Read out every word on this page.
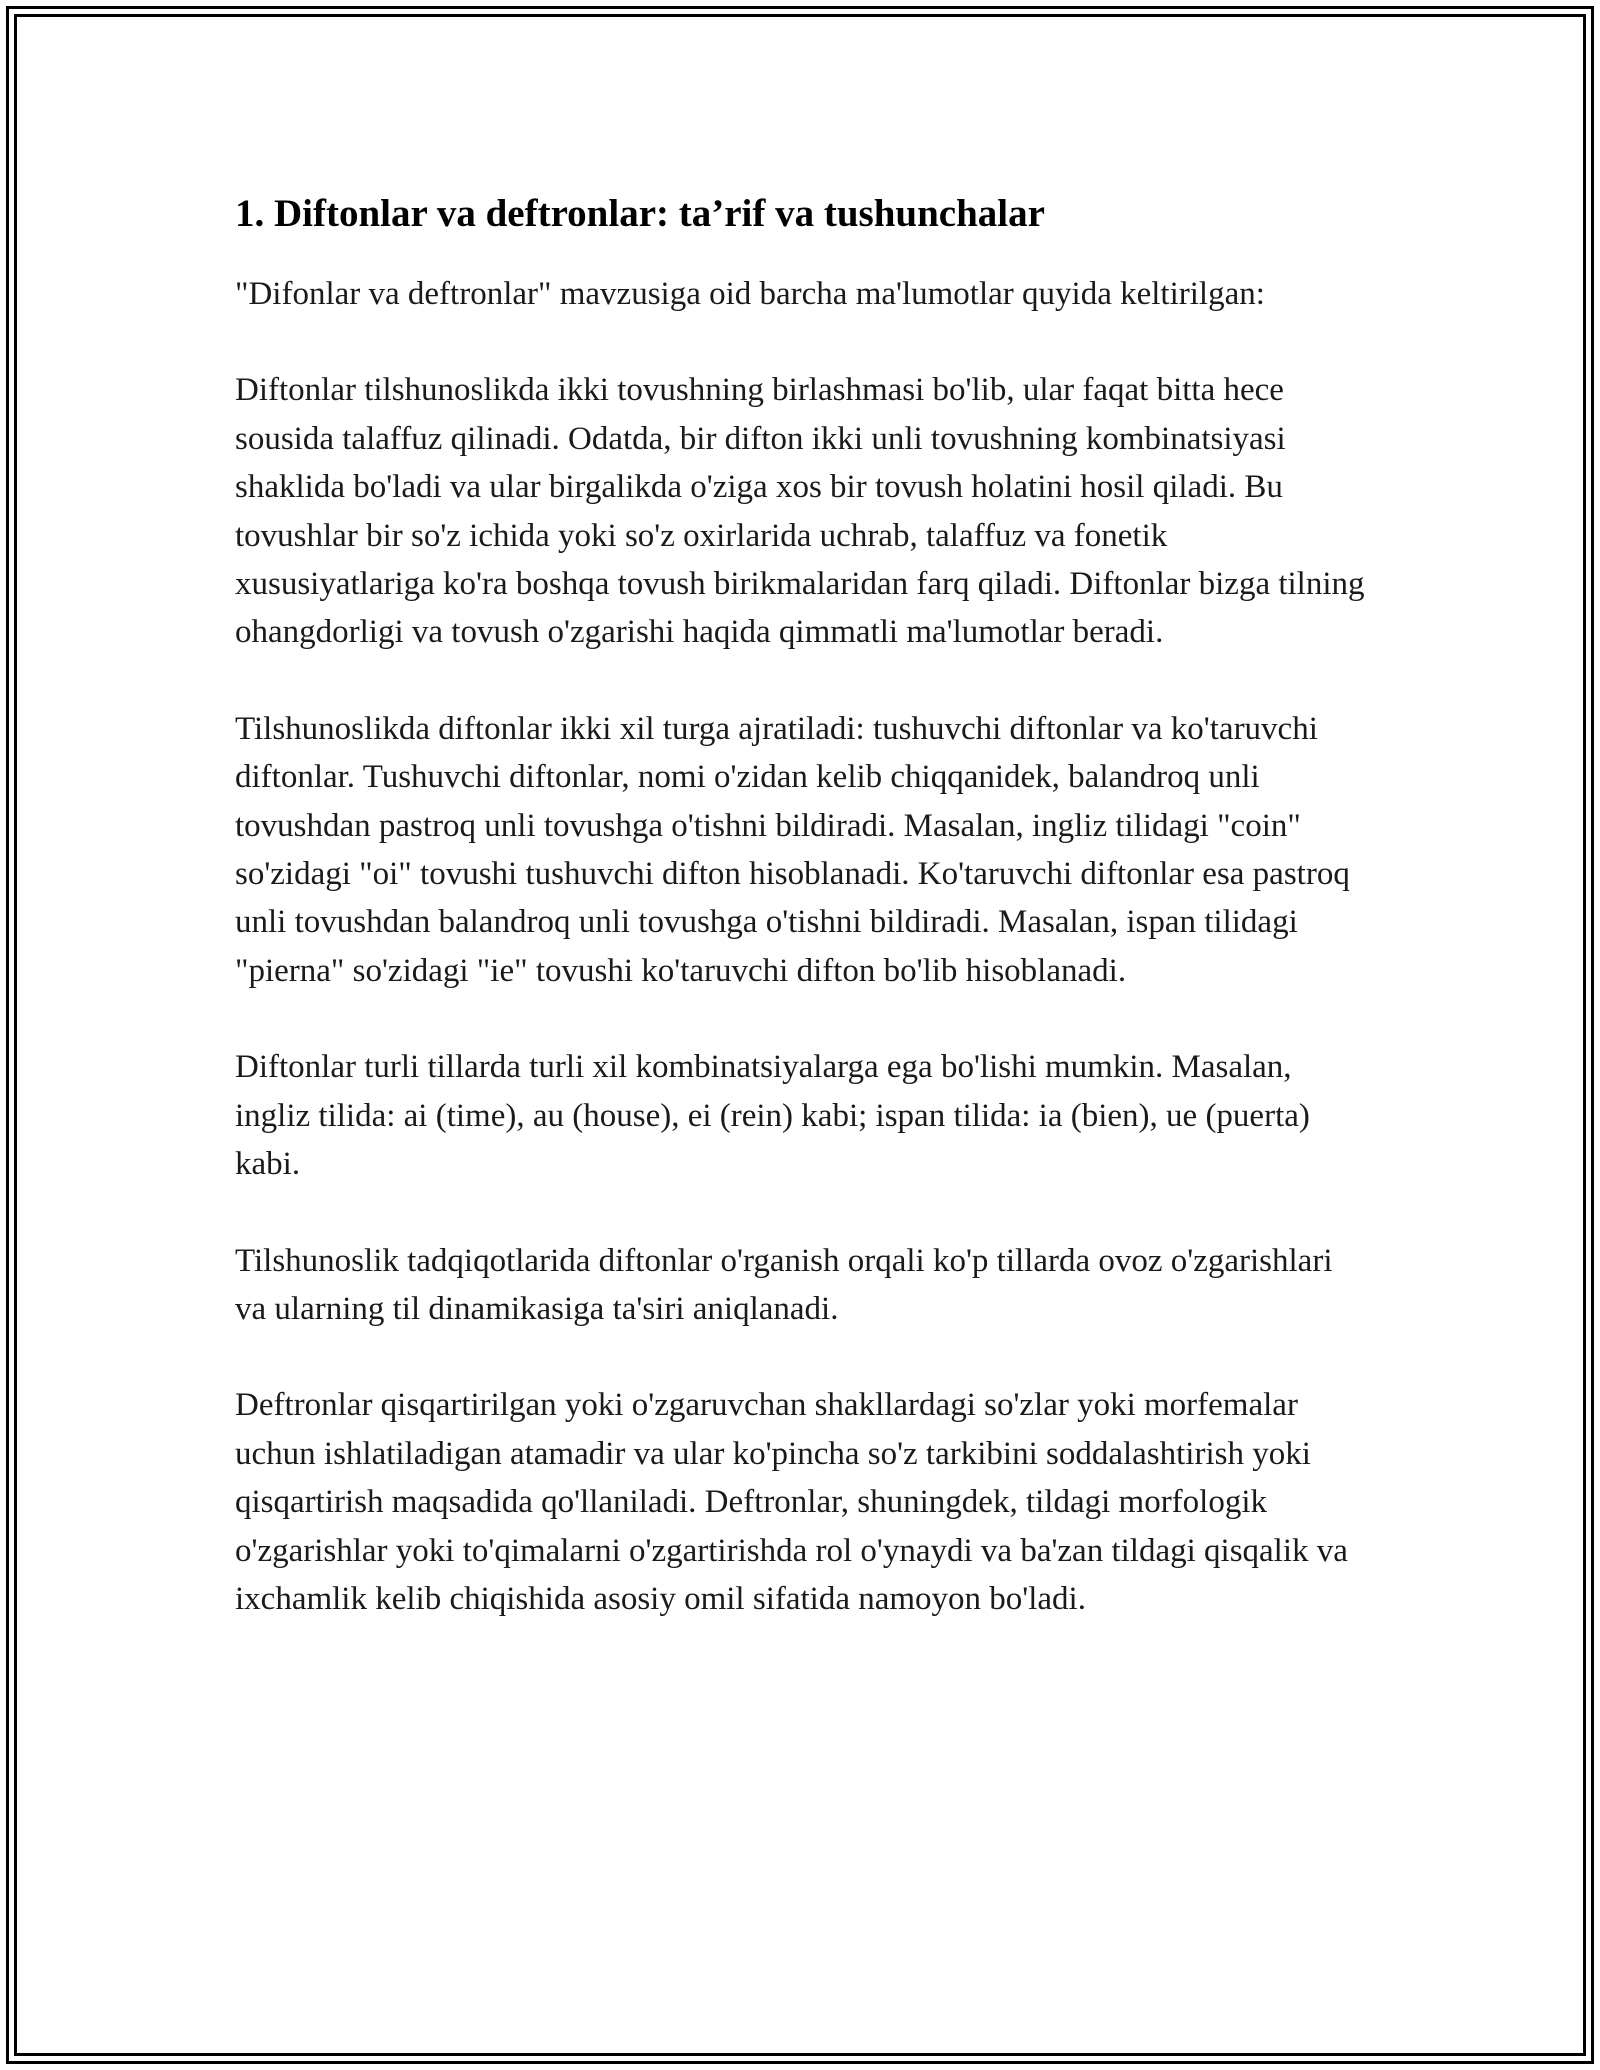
1. Diftonlar va deftronlar: ta’rif va tushunchalar

"Difonlar va deftronlar" mavzusiga oid barcha ma'lumotlar quyida keltirilgan:

Diftonlar tilshunoslikda ikki tovushning birlashmasi bo'lib, ular faqat bitta hece sousida talaffuz qilinadi. Odatda, bir difton ikki unli tovushning kombinatsiyasi shaklida bo'ladi va ular birgalikda o'ziga xos bir tovush holatini hosil qiladi. Bu tovushlar bir so'z ichida yoki so'z oxirlarida uchrab, talaffuz va fonetik xususiyatlariga ko'ra boshqa tovush birikmalaridan farq qiladi. Diftonlar bizga tilning ohangdorligi va tovush o'zgarishi haqida qimmatli ma'lumotlar beradi.

Tilshunoslikda diftonlar ikki xil turga ajratiladi: tushuvchi diftonlar va ko'taruvchi diftonlar. Tushuvchi diftonlar, nomi o'zidan kelib chiqqanidek, balandroq unli tovushdan pastroq unli tovushga o'tishni bildiradi. Masalan, ingliz tilidagi "coin" so'zidagi "oi" tovushi tushuvchi difton hisoblanadi. Ko'taruvchi diftonlar esa pastroq unli tovushdan balandroq unli tovushga o'tishni bildiradi. Masalan, ispan tilidagi "pierna" so'zidagi "ie" tovushi ko'taruvchi difton bo'lib hisoblanadi.

Diftonlar turli tillarda turli xil kombinatsiyalarga ega bo'lishi mumkin. Masalan, ingliz tilida: ai (time), au (house), ei (rein) kabi; ispan tilida: ia (bien), ue (puerta) kabi.

Tilshunoslik tadqiqotlarida diftonlar o'rganish orqali ko'p tillarda ovoz o'zgarishlari va ularning til dinamikasiga ta'siri aniqlanadi.

Deftronlar qisqartirilgan yoki o'zgaruvchan shakllardagi so'zlar yoki morfemalar uchun ishlatiladigan atamadir va ular ko'pincha so'z tarkibini soddalashtirish yoki qisqartirish maqsadida qo'llaniladi. Deftronlar, shuningdek, tildagi morfologik o'zgarishlar yoki to'qimalarni o'zgartirishda rol o'ynaydi va ba'zan tildagi qisqalik va ixchamlik kelib chiqishida asosiy omil sifatida namoyon bo'ladi.
